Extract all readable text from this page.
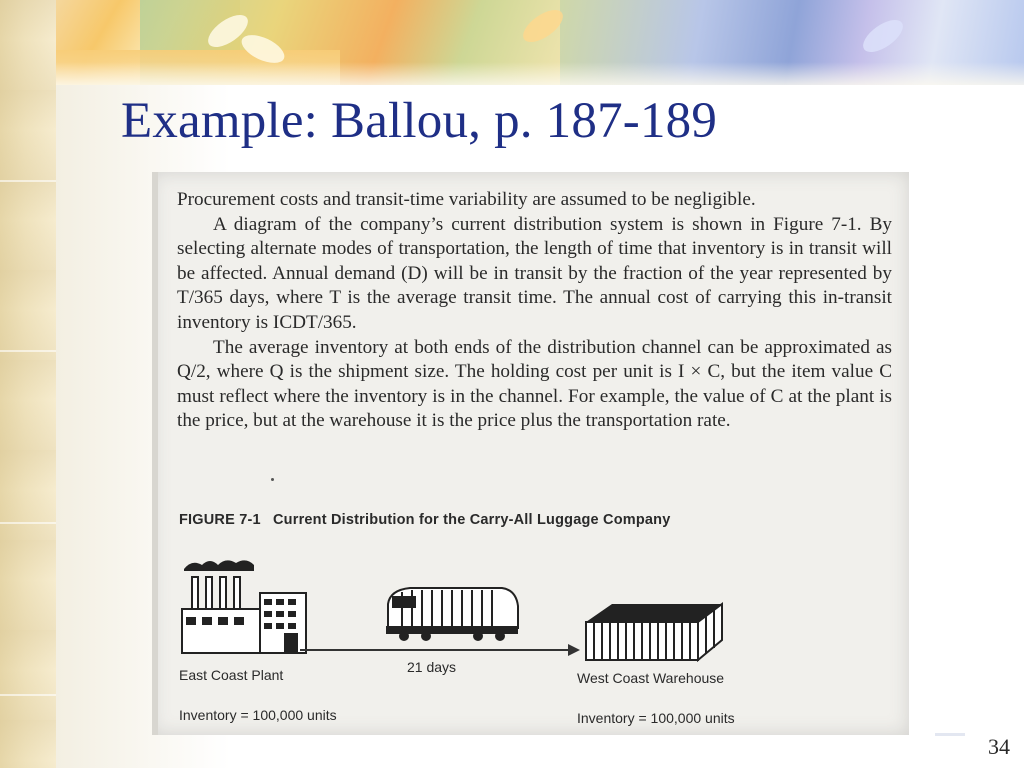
Example: Ballou, p. 187-189

Procurement costs and transit-time variability are assumed to be negligible.

A diagram of the company’s current distribution system is shown in Figure 7-1. By selecting alternate modes of transportation, the length of time that inventory is in transit will be affected. Annual demand (D) will be in transit by the fraction of the year represented by T/365 days, where T is the average transit time. The annual cost of carrying this in-transit inventory is ICDT/365.

The average inventory at both ends of the distribution channel can be approximated as Q/2, where Q is the shipment size. The holding cost per unit is I × C, but the item value C must reflect where the inventory is in the channel. For example, the value of C at the plant is the price, but at the warehouse it is the price plus the transportation rate.

FIGURE 7-1 Current Distribution for the Carry-All Luggage Company
East Coast Plant
Inventory = 100,000 units
21 days
West Coast Warehouse
Inventory = 100,000 units
34
